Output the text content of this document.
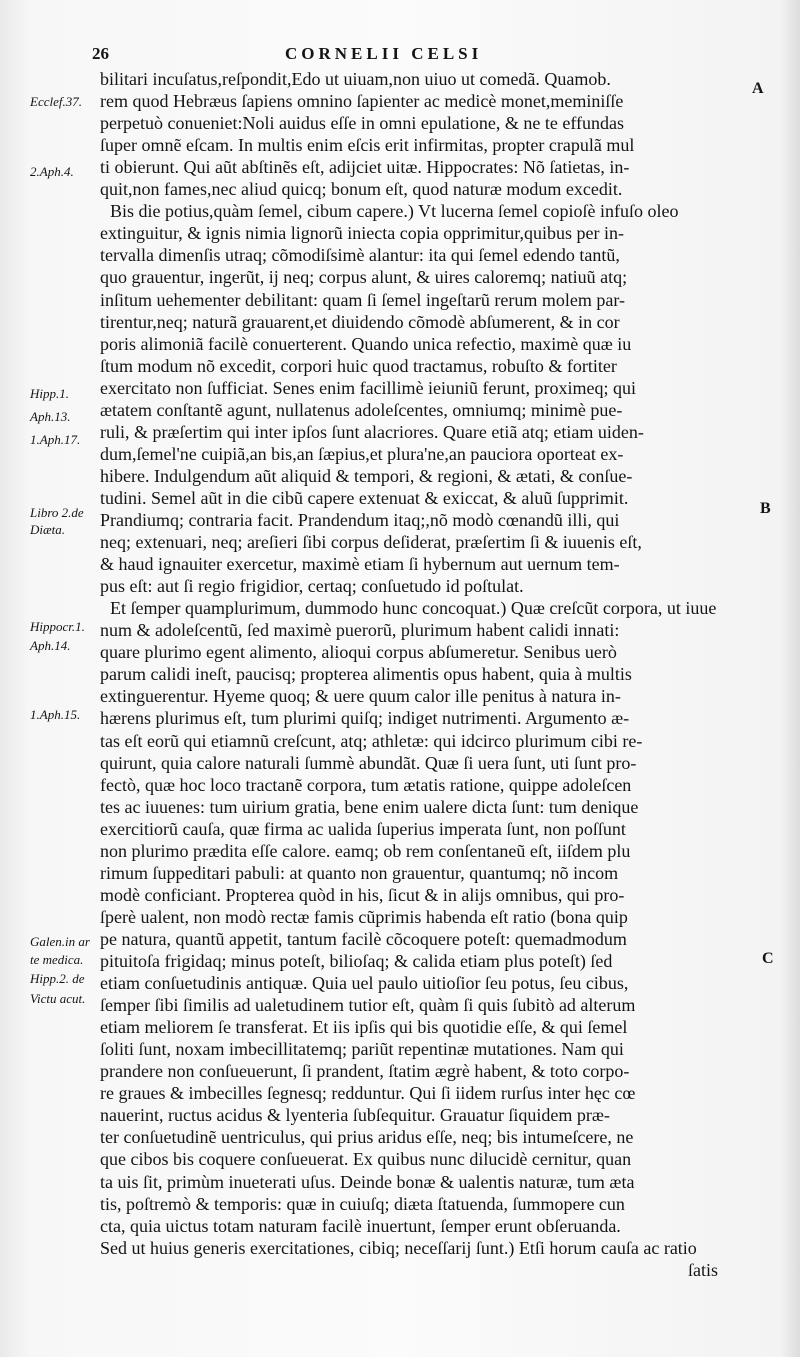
26	CORNELII CELSI
Ecclef.37.
2.Aph.4.
Hipp.1.
Aph.13.
1.Aph.17.
Libro 2.de
Diæta.
Hippocr.1.
Aph.14.
1.Aph.15.
Galen.in ar
te medica.
Hipp.2. de
Victu acut.
A
B
C
bilitari incuſatus,reſpondit,Edo ut uiuam,non uiuo ut comedã. Quamob.
rem quod Hebræus ſapiens omnino ſapienter ac medicè monet,meminiſſe
perpetuò conueniet:Noli auidus eſſe in omni epulatione, & ne te effundas
ſuper omnẽ eſcam. In multis enim eſcis erit infirmitas, propter crapulã mul
ti obierunt. Qui aũt abſtinẽs eſt, adijciet uitæ. Hippocrates: Nõ ſatietas, in-
quit,non fames,nec aliud quicq; bonum eſt, quod naturæ modum excedit.
Bis die potius,quàm ſemel, cibum capere.) Vt lucerna ſemel copioſè infuſo oleo
extinguitur, & ignis nimia lignorũ iniecta copia opprimitur,quibus per in-
tervalla dimenſis utraq; cõmodiſsimè alantur: ita qui ſemel edendo tantũ,
quo grauentur, ingerũt, ij neq; corpus alunt, & uires caloremq; natiuũ atq;
inſitum uehementer debilitant: quam ſi ſemel ingeſtarũ rerum molem par-
tirentur,neq; naturã grauarent,et diuidendo cõmodè abſumerent, & in cor
poris alimoniã facilè conuerterent. Quando unica refectio, maximè quæ iu
ſtum modum nõ excedit, corpori huic quod tractamus, robuſto & fortiter
exercitato non ſufficiat. Senes enim facillimè ieiuniũ ferunt, proximeq; qui
ætatem conſtantẽ agunt, nullatenus adoleſcentes, omniumq; minimè pue-
ruli, & præſertim qui inter ipſos ſunt alacriores. Quare etiã atq; etiam uiden-
dum,ſemel'ne cuipiã,an bis,an ſæpius,et plura'ne,an pauciora oporteat ex-
hibere. Indulgendum aũt aliquid & tempori, & regioni, & ætati, & conſue-
tudini. Semel aũt in die cibũ capere extenuat & exiccat, & aluũ ſupprimit.
Prandiumq; contraria facit. Prandendum itaq;,nõ modò cœnandũ illi, qui
neq; extenuari, neq; areſieri ſibi corpus deſiderat, præſertim ſi & iuuenis eſt,
& haud ignauiter exercetur, maximè etiam ſi hybernum aut uernum tem-
pus eſt: aut ſi regio frigidior, certaq; conſuetudo id poſtulat.
Et ſemper quamplurimum, dummodo hunc concoquat.) Quæ creſcũt corpora, ut iuue
num & adoleſcentũ, ſed maximè puerorũ, plurimum habent calidi innati:
quare plurimo egent alimento, alioqui corpus abſumeretur. Senibus uerò
parum calidi ineſt, paucisq; propterea alimentis opus habent, quia à multis
extinguerentur. Hyeme quoq; & uere quum calor ille penitus à natura in-
hærens plurimus eſt, tum plurimi quiſq; indiget nutrimenti. Argumento æ-
tas eſt eorũ qui etiamnũ creſcunt, atq; athletæ: qui idcirco plurimum cibi re-
quirunt, quia calore naturali ſummè abundãt. Quæ ſi uera ſunt, uti ſunt pro-
fectò, quæ hoc loco tractanẽ corpora, tum ætatis ratione, quippe adoleſcen
tes ac iuuenes: tum uirium gratia, bene enim ualere dicta ſunt: tum denique
exercitiorũ cauſa, quæ firma ac ualida ſuperius imperata ſunt, non poſſunt
non plurimo prædita eſſe calore. eamq; ob rem conſentaneũ eſt, iiſdem plu
rimum ſuppeditari pabuli: at quanto non grauentur, quantumq; nõ incom
modè conficiant. Propterea quòd in his, ſicut & in alijs omnibus, qui pro-
ſperè ualent, non modò rectæ famis cũprimis habenda eſt ratio (bona quip
pe natura, quantũ appetit, tantum facilè cõcoquere poteſt: quemadmodum
pituitoſa frigidaq; minus poteſt, bilioſaq; & calida etiam plus poteſt) ſed
etiam conſuetudinis antiquæ. Quia uel paulo uitioſior ſeu potus, ſeu cibus,
ſemper ſibi ſimilis ad ualetudinem tutior eſt, quàm ſi quis ſubitò ad alterum
etiam meliorem ſe transferat. Et iis ipſis qui bis quotidie eſſe, & qui ſemel
ſoliti ſunt, noxam imbecillitatemq; pariũt repentinæ mutationes. Nam qui
prandere non conſueuerunt, ſi prandent, ſtatim ægrè habent, & toto corpo-
re graues & imbecilles ſegnesq; redduntur. Qui ſi iidem rurſus inter hęc cœ
nauerint, ructus acidus & lyenteria ſubſequitur. Grauatur ſiquidem præ-
ter conſuetudinẽ uentriculus, qui prius aridus eſſe, neq; bis intumeſcere, ne
que cibos bis coquere conſueuerat. Ex quibus nunc dilucidè cernitur, quan
ta uis ſit, primùm inueterati uſus. Deinde bonæ & ualentis naturæ, tum æta
tis, poſtremò & temporis: quæ in cuiuſq; diæta ſtatuenda, ſummopere cun
cta, quia uictus totam naturam facilè inuertunt, ſemper erunt obſeruanda.
Sed ut huius generis exercitationes, cibiq; neceſſarij ſunt.) Etſi horum cauſa ac ratio
ſatis
